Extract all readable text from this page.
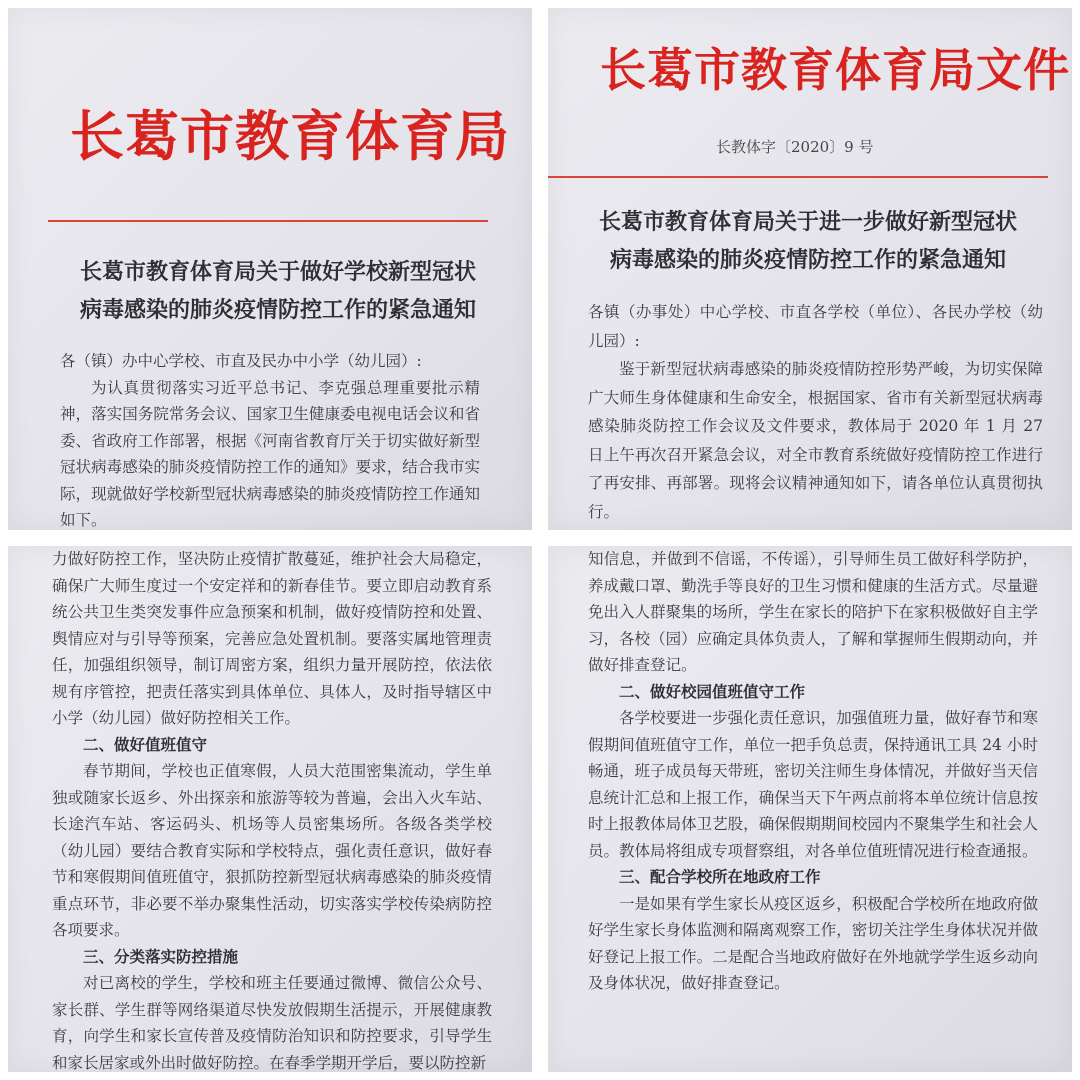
长葛市教育体育局
长葛市教育体育局关于做好学校新型冠状
病毒感染的肺炎疫情防控工作的紧急通知

各（镇）办中心学校、市直及民办中小学（幼儿园）:

为认真贯彻落实习近平总书记、李克强总理重要批示精神，落实国务院常务会议、国家卫生健康委电视电话会议和省委、省政府工作部署，根据《河南省教育厅关于切实做好新型冠状病毒感染的肺炎疫情防控工作的通知》要求，结合我市实际，现就做好学校新型冠状病毒感染的肺炎疫情防控工作通知如下。

长葛市教育体育局文件
长教体字〔2020〕9 号
长葛市教育体育局关于进一步做好新型冠状
病毒感染的肺炎疫情防控工作的紧急通知

各镇（办事处）中心学校、市直各学校（单位）、各民办学校（幼儿园）:

鉴于新型冠状病毒感染的肺炎疫情防控形势严峻，为切实保障广大师生身体健康和生命安全，根据国家、省市有关新型冠状病毒感染肺炎防控工作会议及文件要求，教体局于 2020 年 1 月 27 日上午再次召开紧急会议，对全市教育系统做好疫情防控工作进行了再安排、再部署。现将会议精神通知如下，请各单位认真贯彻执行。

力做好防控工作，坚决防止疫情扩散蔓延，维护社会大局稳定，确保广大师生度过一个安定祥和的新春佳节。要立即启动教育系统公共卫生类突发事件应急预案和机制，做好疫情防控和处置、舆情应对与引导等预案，完善应急处置机制。要落实属地管理责任，加强组织领导，制订周密方案，组织力量开展防控，依法依规有序管控，把责任落实到具体单位、具体人，及时指导辖区中小学（幼儿园）做好防控相关工作。

二、做好值班值守

春节期间，学校也正值寒假，人员大范围密集流动，学生单独或随家长返乡、外出探亲和旅游等较为普遍，会出入火车站、长途汽车站、客运码头、机场等人员密集场所。各级各类学校（幼儿园）要结合教育实际和学校特点，强化责任意识，做好春节和寒假期间值班值守，狠抓防控新型冠状病毒感染的肺炎疫情重点环节，非必要不举办聚集性活动，切实落实学校传染病防控各项要求。

三、分类落实防控措施

对已离校的学生，学校和班主任要通过微博、微信公众号、家长群、学生群等网络渠道尽快发放假期生活提示，开展健康教育，向学生和家长宣传普及疫情防治知识和防控要求，引导学生和家长居家或外出时做好防控。在春季学期开学后，要以防控新

知信息，并做到不信谣，不传谣），引导师生员工做好科学防护，养成戴口罩、勤洗手等良好的卫生习惯和健康的生活方式。尽量避免出入人群聚集的场所，学生在家长的陪护下在家积极做好自主学习，各校（园）应确定具体负责人，了解和掌握师生假期动向，并做好排查登记。

二、做好校园值班值守工作

各学校要进一步强化责任意识，加强值班力量，做好春节和寒假期间值班值守工作，单位一把手负总责，保持通讯工具 24 小时畅通，班子成员每天带班，密切关注师生身体情况，并做好当天信息统计汇总和上报工作，确保当天下午两点前将本单位统计信息按时上报教体局体卫艺股，确保假期期间校园内不聚集学生和社会人员。教体局将组成专项督察组，对各单位值班情况进行检查通报。

三、配合学校所在地政府工作

一是如果有学生家长从疫区返乡，积极配合学校所在地政府做好学生家长身体监测和隔离观察工作，密切关注学生身体状况并做好登记上报工作。二是配合当地政府做好在外地就学学生返乡动向及身体状况，做好排查登记。
